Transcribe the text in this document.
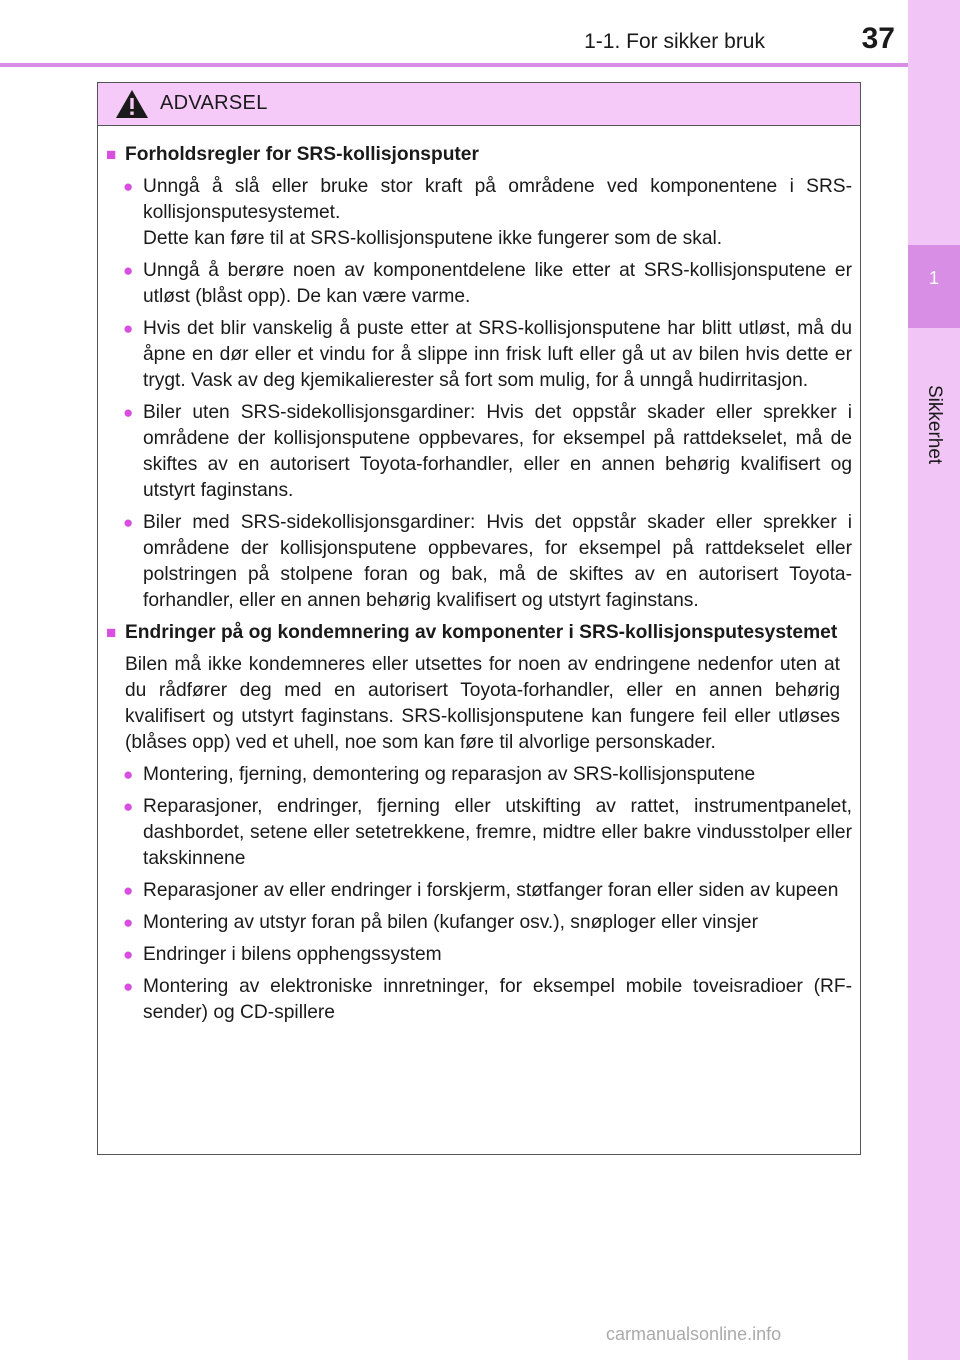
1-1. For sikker bruk	37
1
Sikkerhet
ADVARSEL
■ Forholdsregler for SRS-kollisjonsputer
● Unngå å slå eller bruke stor kraft på områdene ved komponentene i SRS-kollisjonsputesystemet.
Dette kan føre til at SRS-kollisjonsputene ikke fungerer som de skal.
● Unngå å berøre noen av komponentdelene like etter at SRS-kollisjonsputene er utløst (blåst opp). De kan være varme.
● Hvis det blir vanskelig å puste etter at SRS-kollisjonsputene har blitt utløst, må du åpne en dør eller et vindu for å slippe inn frisk luft eller gå ut av bilen hvis dette er trygt. Vask av deg kjemikalierester så fort som mulig, for å unngå hudirritasjon.
● Biler uten SRS-sidekollisjonsgardiner: Hvis det oppstår skader eller sprekker i områdene der kollisjonsputene oppbevares, for eksempel på rattdekselet, må de skiftes av en autorisert Toyota-forhandler, eller en annen behørig kvalifisert og utstyrt faginstans.
● Biler med SRS-sidekollisjonsgardiner: Hvis det oppstår skader eller sprekker i områdene der kollisjonsputene oppbevares, for eksempel på rattdekselet eller polstringen på stolpene foran og bak, må de skiftes av en autorisert Toyota-forhandler, eller en annen behørig kvalifisert og utstyrt faginstans.
■ Endringer på og kondemnering av komponenter i SRS-kollisjonsputesystemet
Bilen må ikke kondemneres eller utsettes for noen av endringene nedenfor uten at du rådfører deg med en autorisert Toyota-forhandler, eller en annen behørig kvalifisert og utstyrt faginstans. SRS-kollisjonsputene kan fungere feil eller utløses (blåses opp) ved et uhell, noe som kan føre til alvorlige personskader.
● Montering, fjerning, demontering og reparasjon av SRS-kollisjonsputene
● Reparasjoner, endringer, fjerning eller utskifting av rattet, instrumentpanelet, dashbordet, setene eller setetrekkene, fremre, midtre eller bakre vindusstolper eller takskinnene
● Reparasjoner av eller endringer i forskjerm, støtfanger foran eller siden av kupeen
● Montering av utstyr foran på bilen (kufanger osv.), snøploger eller vinsjer
● Endringer i bilens opphengssystem
● Montering av elektroniske innretninger, for eksempel mobile toveisradioer (RF-sender) og CD-spillere
carmanualsonline.info
